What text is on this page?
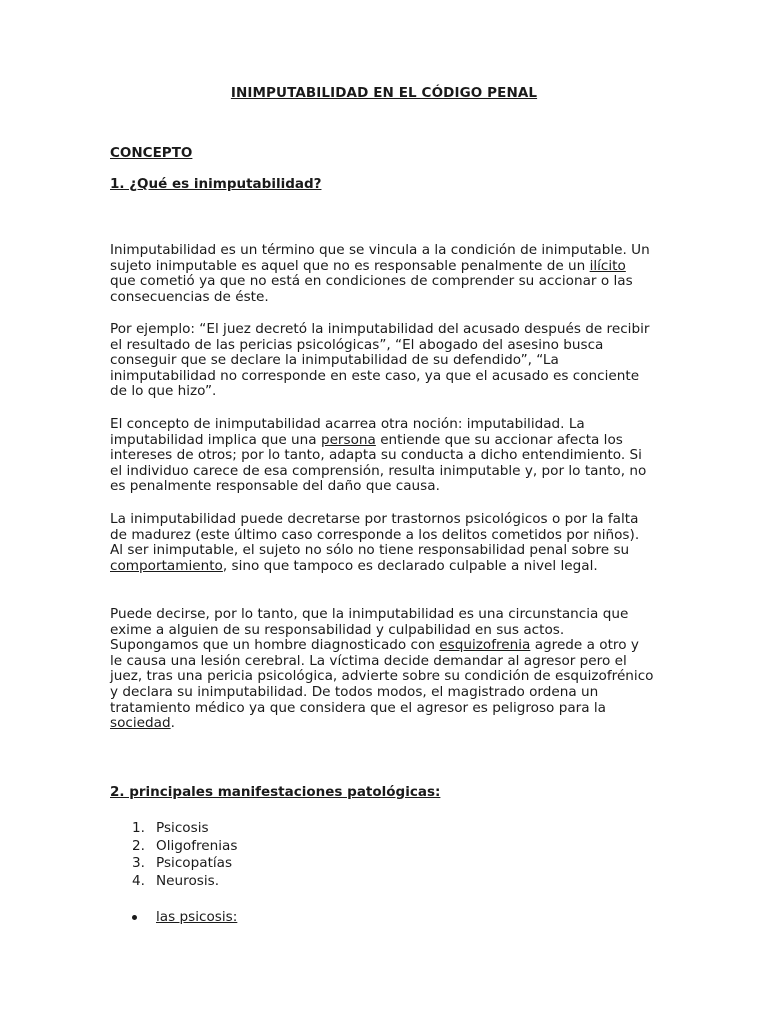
INIMPUTABILIDAD EN EL CÓDIGO PENAL
CONCEPTO
1. ¿Qué es inimputabilidad?

Inimputabilidad es un término que se vincula a la condición de inimputable. Un sujeto inimputable es aquel que no es responsable penalmente de un ilícito que cometió ya que no está en condiciones de comprender su accionar o las consecuencias de éste.

Por ejemplo: “El juez decretó la inimputabilidad del acusado después de recibir el resultado de las pericias psicológicas”, “El abogado del asesino busca conseguir que se declare la inimputabilidad de su defendido”, “La inimputabilidad no corresponde en este caso, ya que el acusado es conciente de lo que hizo”.

El concepto de inimputabilidad acarrea otra noción: imputabilidad. La imputabilidad implica que una persona entiende que su accionar afecta los intereses de otros; por lo tanto, adapta su conducta a dicho entendimiento. Si el individuo carece de esa comprensión, resulta inimputable y, por lo tanto, no es penalmente responsable del daño que causa.

La inimputabilidad puede decretarse por trastornos psicológicos o por la falta de madurez (este último caso corresponde a los delitos cometidos por niños). Al ser inimputable, el sujeto no sólo no tiene responsabilidad penal sobre su comportamiento, sino que tampoco es declarado culpable a nivel legal.

Puede decirse, por lo tanto, que la inimputabilidad es una circunstancia que exime a alguien de su responsabilidad y culpabilidad en sus actos. Supongamos que un hombre diagnosticado con esquizofrenia agrede a otro y le causa una lesión cerebral. La víctima decide demandar al agresor pero el juez, tras una pericia psicológica, advierte sobre su condición de esquizofrénico y declara su inimputabilidad. De todos modos, el magistrado ordena un tratamiento médico ya que considera que el agresor es peligroso para la sociedad.

2. principales manifestaciones patológicas:
1. Psicosis
2. Oligofrenias
3. Psicopatías
4. Neurosis.
las psicosis:
